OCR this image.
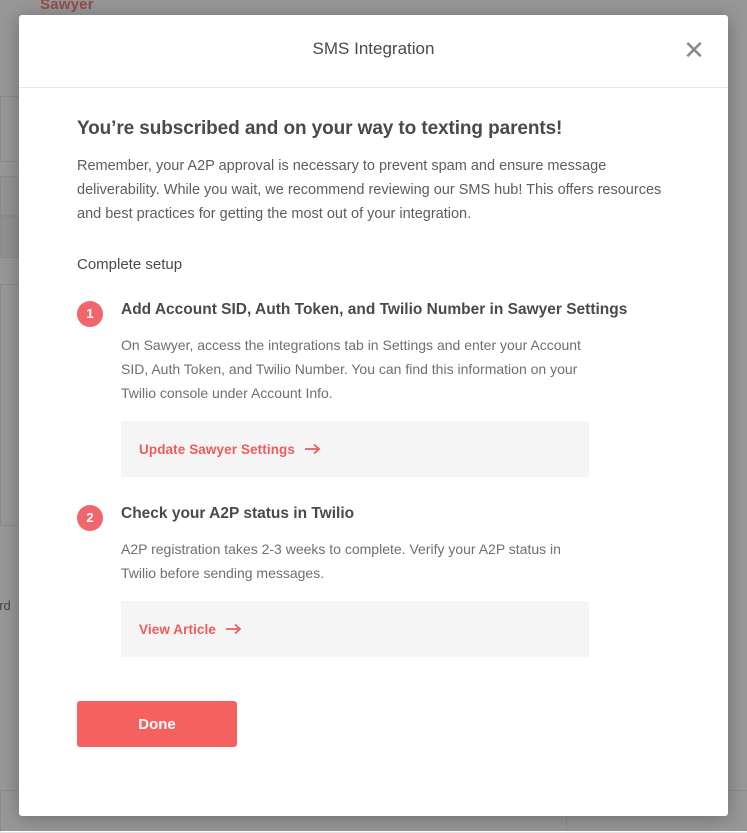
SMS Integration	✕
You’re subscribed and on your way to texting parents!

Remember, your A2P approval is necessary to prevent spam and ensure message deliverability. While you wait, we recommend reviewing our SMS hub! This offers resources and best practices for getting the most out of your integration.

Complete setup
1	Add Account SID, Auth Token, and Twilio Number in Sawyer Settings
On Sawyer, access the integrations tab in Settings and enter your Account SID, Auth Token, and Twilio Number. You can find this information on your Twilio console under Account Info.
Update Sawyer Settings
2	Check your A2P status in Twilio
A2P registration takes 2-3 weeks to complete. Verify your A2P status in Twilio before sending messages.
View Article
Done
